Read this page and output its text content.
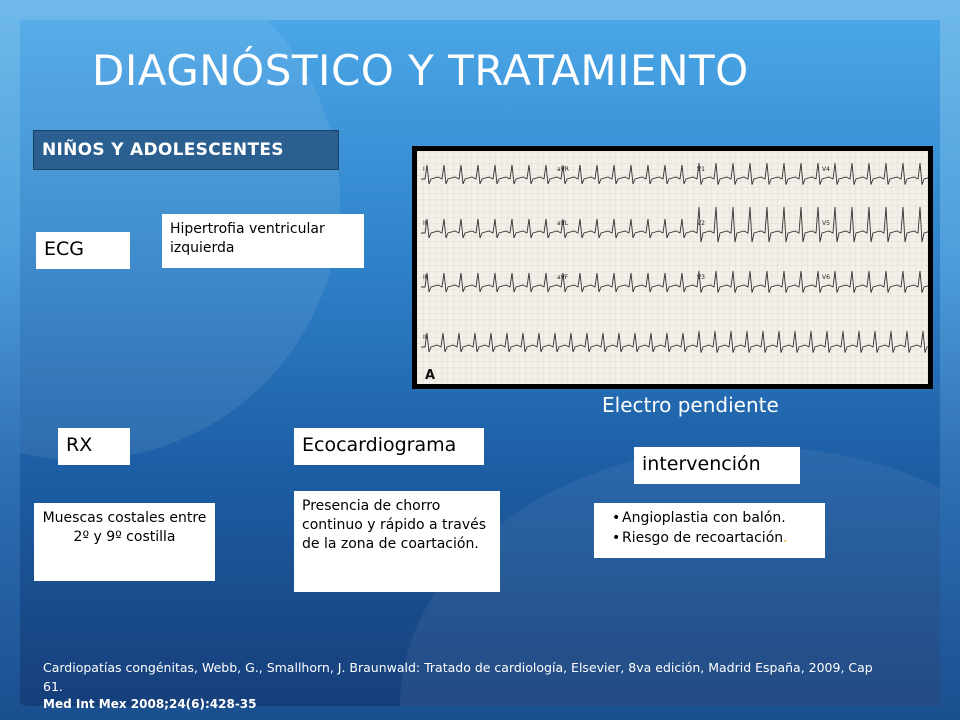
DIAGNÓSTICO Y TRATAMIENTO
NIÑOS Y ADOLESCENTES
ECG
Hipertrofia ventricular izquierda
I	aVR	V1	V4
II	aVL	V2	V5
III	aVF	V3	V6
II
A
Electro pendiente
RX
Muescas costales entre 2º y 9º costilla
Ecocardiograma
Presencia de chorro continuo y rápido a través de la zona de coartación.
intervención
• Angioplastia con balón.
• Riesgo de recoartación.
Cardiopatías congénitas, Webb, G., Smallhorn, J. Braunwald: Tratado de cardiología, Elsevier, 8va edición, Madrid España, 2009, Cap 61.
Med Int Mex 2008;24(6):428-35
